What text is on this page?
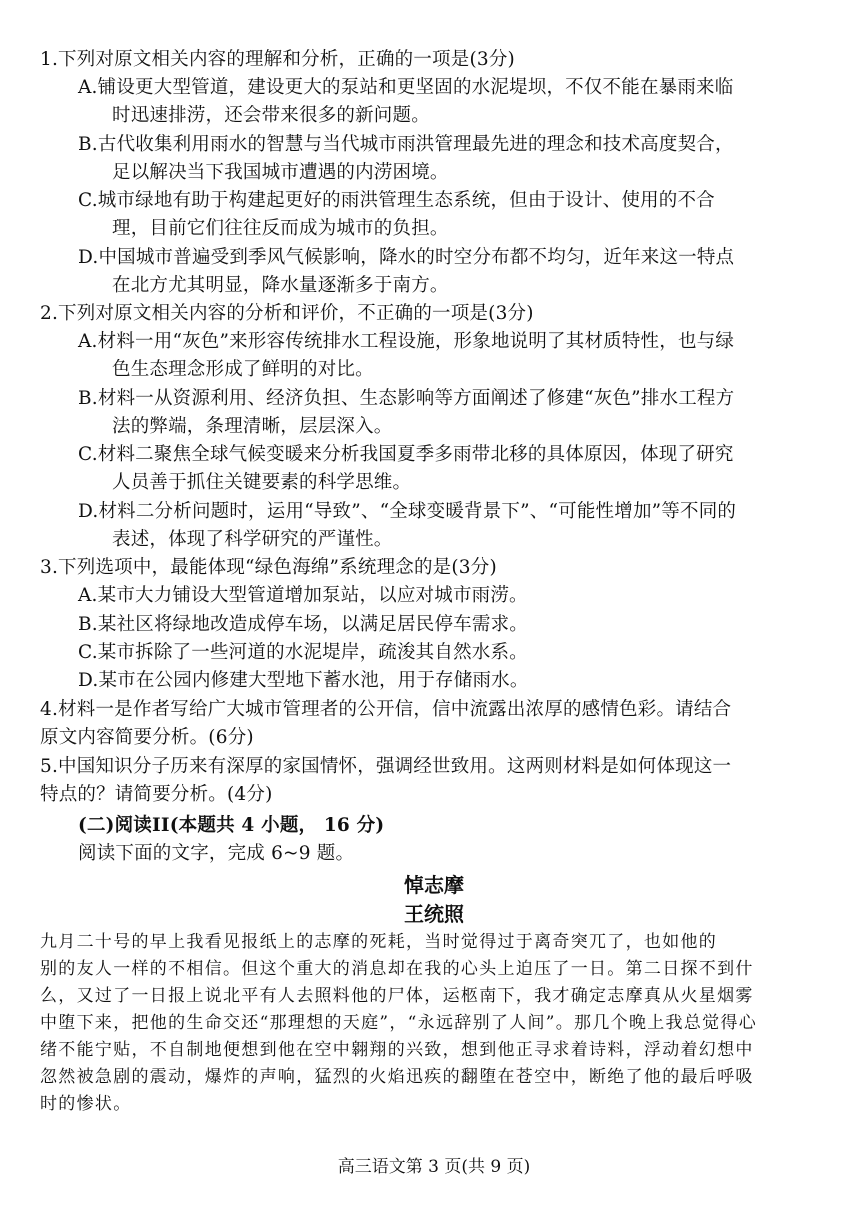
1.下列对原文相关内容的理解和分析，正确的一项是(3分)
A.铺设更大型管道，建设更大的泵站和更坚固的水泥堤坝，不仅不能在暴雨来临
时迅速排涝，还会带来很多的新问题。
B.古代收集利用雨水的智慧与当代城市雨洪管理最先进的理念和技术高度契合，
足以解决当下我国城市遭遇的内涝困境。
C.城市绿地有助于构建起更好的雨洪管理生态系统，但由于设计、使用的不合
理，目前它们往往反而成为城市的负担。
D.中国城市普遍受到季风气候影响，降水的时空分布都不均匀，近年来这一特点
在北方尤其明显，降水量逐渐多于南方。
2.下列对原文相关内容的分析和评价，不正确的一项是(3分)
A.材料一用“灰色”来形容传统排水工程设施，形象地说明了其材质特性，也与绿
色生态理念形成了鲜明的对比。
B.材料一从资源利用、经济负担、生态影响等方面阐述了修建“灰色”排水工程方
法的弊端，条理清晰，层层深入。
C.材料二聚焦全球气候变暖来分析我国夏季多雨带北移的具体原因，体现了研究
人员善于抓住关键要素的科学思维。
D.材料二分析问题时，运用“导致”、“全球变暖背景下”、“可能性增加”等不同的
表述，体现了科学研究的严谨性。
3.下列选项中，最能体现“绿色海绵”系统理念的是(3分)
A.某市大力铺设大型管道增加泵站，以应对城市雨涝。
B.某社区将绿地改造成停车场，以满足居民停车需求。
C.某市拆除了一些河道的水泥堤岸，疏浚其自然水系。
D.某市在公园内修建大型地下蓄水池，用于存储雨水。
4.材料一是作者写给广大城市管理者的公开信，信中流露出浓厚的感情色彩。请结合
原文内容简要分析。(6分)
5.中国知识分子历来有深厚的家国情怀，强调经世致用。这两则材料是如何体现这一
特点的？请简要分析。(4分)
(二)阅读II(本题共 4 小题， 16 分)
阅读下面的文字，完成 6~9 题。
悼志摩
王统照
九月二十号的早上我看见报纸上的志摩的死耗，当时觉得过于离奇突兀了，也如他的
别的友人一样的不相信。但这个重大的消息却在我的心头上迫压了一日。第二日探不到什
么，又过了一日报上说北平有人去照料他的尸体，运柩南下，我才确定志摩真从火星烟雾
中堕下来，把他的生命交还“那理想的天庭”，“永远辞别了人间”。那几个晚上我总觉得心
绪不能宁贴，不自制地便想到他在空中翱翔的兴致，想到他正寻求着诗料，浮动着幻想中
忽然被急剧的震动，爆炸的声响，猛烈的火焰迅疾的翻堕在苍空中，断绝了他的最后呼吸
时的惨状。
高三语文第 3 页(共 9 页)
